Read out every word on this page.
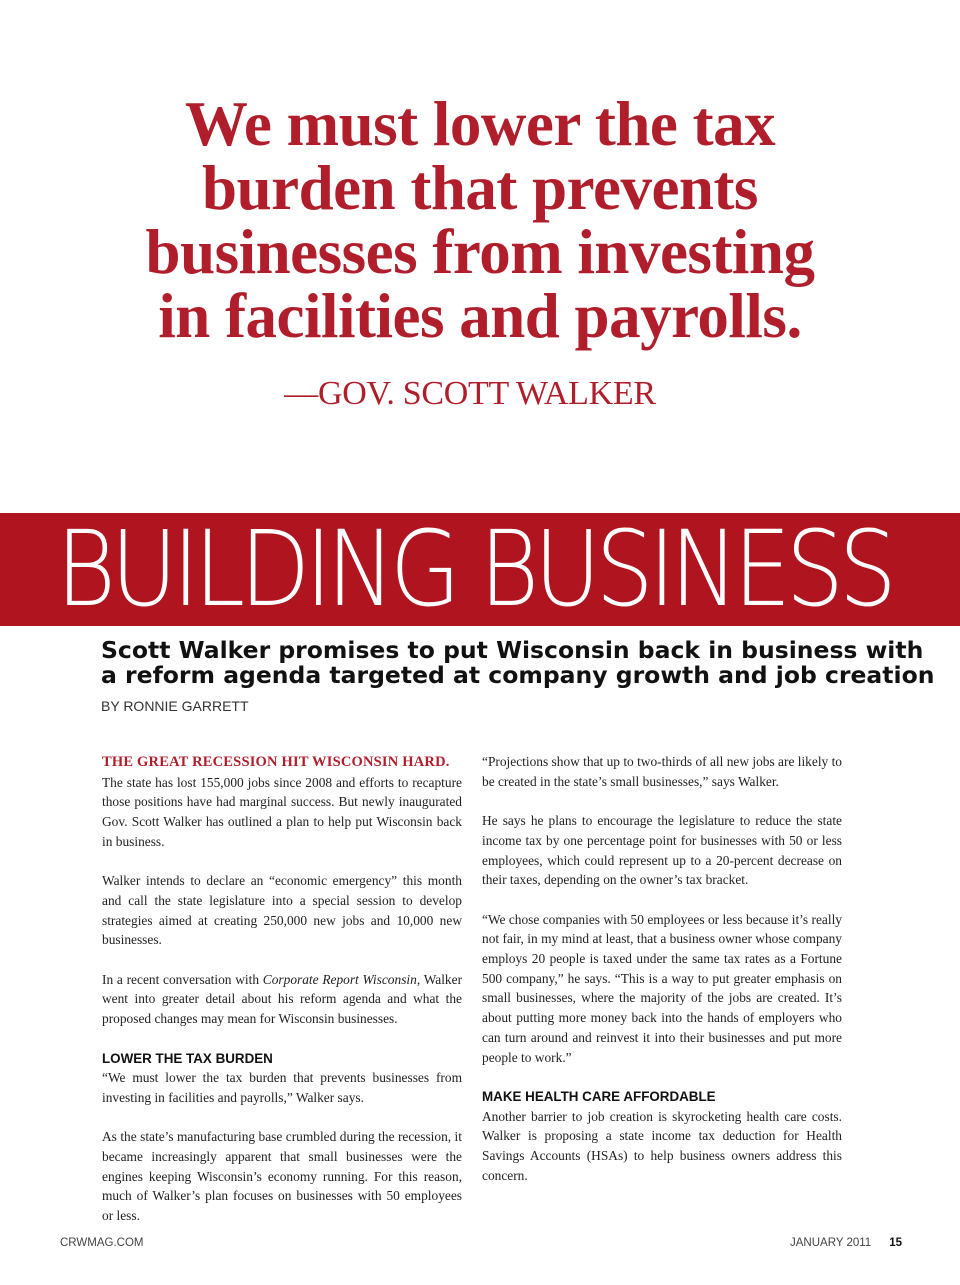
We must lower the tax
burden that prevents
businesses from investing
in facilities and payrolls.
—GOV. SCOTT WALKER
BUILDING BUSINESS
Scott Walker promises to put Wisconsin back in business with
a reform agenda targeted at company growth and job creation
BY RONNIE GARRETT

THE GREAT RECESSION HIT WISCONSIN HARD.
The state has lost 155,000 jobs since 2008 and efforts to recapture those positions have had marginal success. But newly inaugurated Gov. Scott Walker has outlined a plan to help put Wisconsin back in business.

Walker intends to declare an “economic emergency” this month and call the state legislature into a special session to develop strategies aimed at creating 250,000 new jobs and 10,000 new businesses.

In a recent conversation with Corporate Report Wisconsin, Walker went into greater detail about his reform agenda and what the proposed changes may mean for Wisconsin businesses.

LOWER THE TAX BURDEN

“We must lower the tax burden that prevents businesses from investing in facilities and payrolls,” Walker says.

As the state’s manufacturing base crumbled during the recession, it became increasingly apparent that small businesses were the engines keeping Wisconsin’s economy running. For this reason, much of Walker’s plan focuses on businesses with 50 employees or less.

“Projections show that up to two-thirds of all new jobs are likely to be created in the state’s small businesses,” says Walker.

He says he plans to encourage the legislature to reduce the state income tax by one percentage point for businesses with 50 or less employees, which could represent up to a 20-percent decrease on their taxes, depending on the owner’s tax bracket.

“We chose companies with 50 employees or less because it’s really not fair, in my mind at least, that a business owner whose company employs 20 people is taxed under the same tax rates as a Fortune 500 company,” he says. “This is a way to put greater emphasis on small businesses, where the majority of the jobs are created. It’s about putting more money back into the hands of employers who can turn around and reinvest it into their businesses and put more people to work.”

MAKE HEALTH CARE AFFORDABLE

Another barrier to job creation is skyrocketing health care costs. Walker is proposing a state income tax deduction for Health Savings Accounts (HSAs) to help business owners address this concern.

CRWMAG.COM	JANUARY 2011 15
